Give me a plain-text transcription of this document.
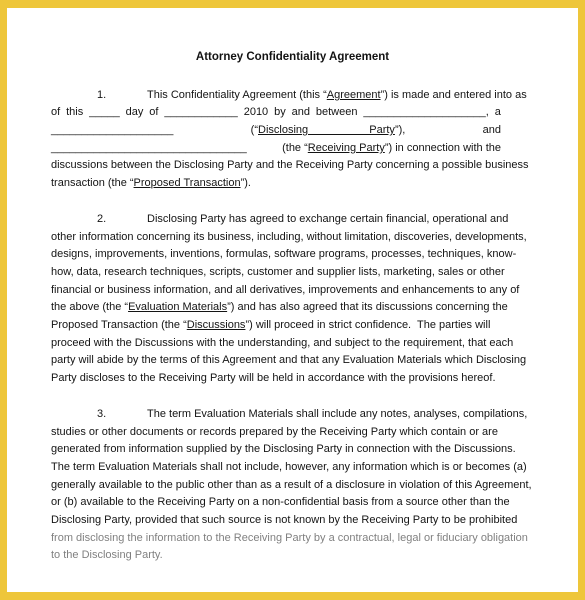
Attorney Confidentiality Agreement
1.	This Confidentiality Agreement (this “Agreement”) is made and entered into as
of this _____ day of ____________ 2010 by and between ____________________, a
____________________	(“Disclosing                    Party”),	and
________________________________	(the “Receiving Party”) in connection with the
discussions between the Disclosing Party and the Receiving Party concerning a possible business
transaction (the “Proposed Transaction”).
2.	Disclosing Party has agreed to exchange certain financial, operational and
other information concerning its business, including, without limitation, discoveries, developments,
designs, improvements, inventions, formulas, software programs, processes, techniques, know-
how, data, research techniques, scripts, customer and supplier lists, marketing, sales or other
financial or business information, and all derivatives, improvements and enhancements to any of
the above (the “Evaluation Materials”) and has also agreed that its discussions concerning the
Proposed Transaction (the “Discussions”) will proceed in strict confidence.  The parties will
proceed with the Discussions with the understanding, and subject to the requirement, that each
party will abide by the terms of this Agreement and that any Evaluation Materials which Disclosing
Party discloses to the Receiving Party will be held in accordance with the provisions hereof.
3.	The term Evaluation Materials shall include any notes, analyses, compilations,
studies or other documents or records prepared by the Receiving Party which contain or are
generated from information supplied by the Disclosing Party in connection with the Discussions.
The term Evaluation Materials shall not include, however, any information which is or becomes (a)
generally available to the public other than as a result of a disclosure in violation of this Agreement,
or (b) available to the Receiving Party on a non-confidential basis from a source other than the
Disclosing Party, provided that such source is not known by the Receiving Party to be prohibited
from disclosing the information to the Receiving Party by a contractual, legal or fiduciary obligation
to the Disclosing Party.
